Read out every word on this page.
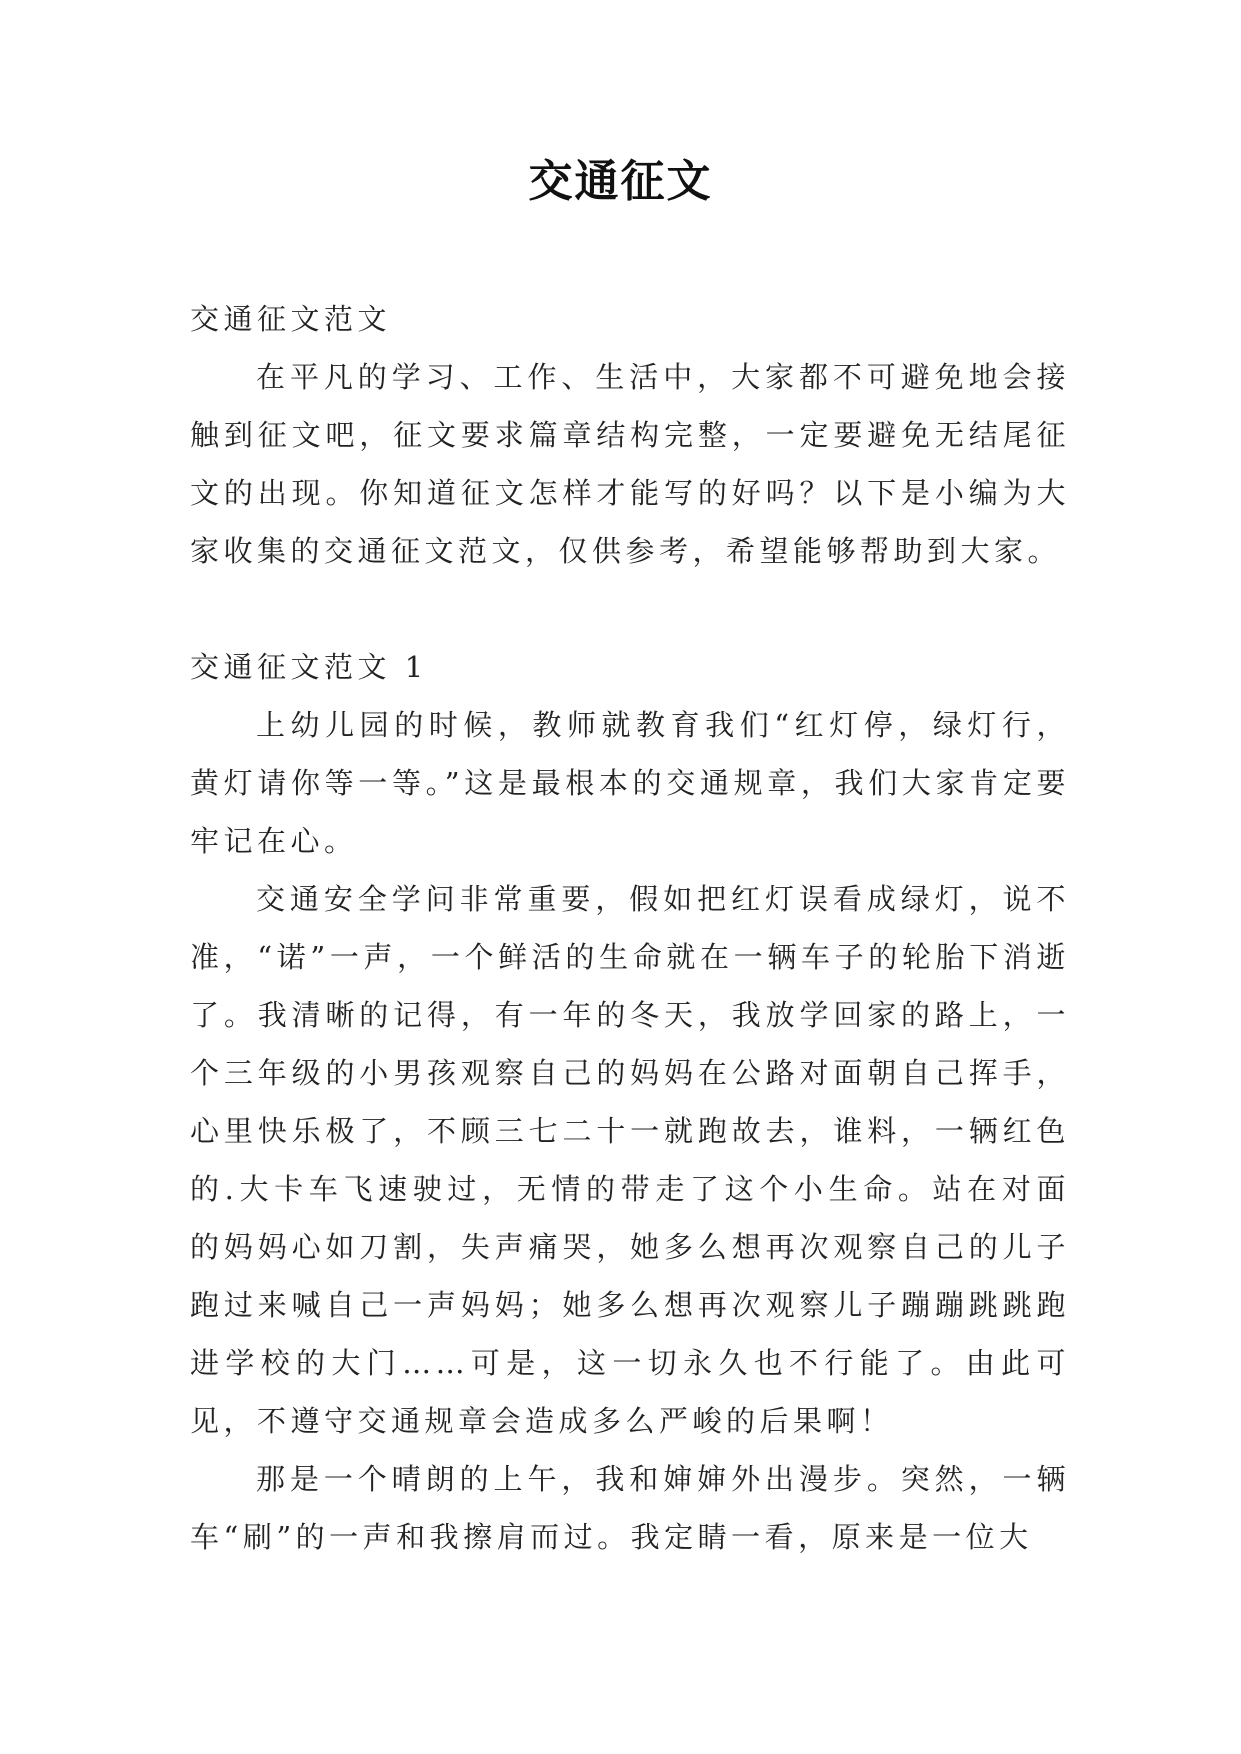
交通征文

交通征文范文

在平凡的学习、工作、生活中，大家都不可避免地会接触到征文吧，征文要求篇章结构完整，一定要避免无结尾征文的出现。你知道征文怎样才能写的好吗？以下是小编为大家收集的交通征文范文，仅供参考，希望能够帮助到大家。

交通征文范文 1

上幼儿园的时候，教师就教育我们“红灯停，绿灯行，黄灯请你等一等。”这是最根本的交通规章，我们大家肯定要牢记在心。

交通安全学问非常重要，假如把红灯误看成绿灯，说不准，“诺”一声，一个鲜活的生命就在一辆车子的轮胎下消逝了。我清晰的记得，有一年的冬天，我放学回家的路上，一个三年级的小男孩观察自己的妈妈在公路对面朝自己挥手，心里快乐极了，不顾三七二十一就跑故去，谁料，一辆红色的.大卡车飞速驶过，无情的带走了这个小生命。站在对面的妈妈心如刀割，失声痛哭，她多么想再次观察自己的儿子跑过来喊自己一声妈妈；她多么想再次观察儿子蹦蹦跳跳跑进学校的大门……可是，这一切永久也不行能了。由此可见，不遵守交通规章会造成多么严峻的后果啊！

那是一个晴朗的上午，我和婶婶外出漫步。突然，一辆车“刷”的一声和我擦肩而过。我定睛一看，原来是一位大
